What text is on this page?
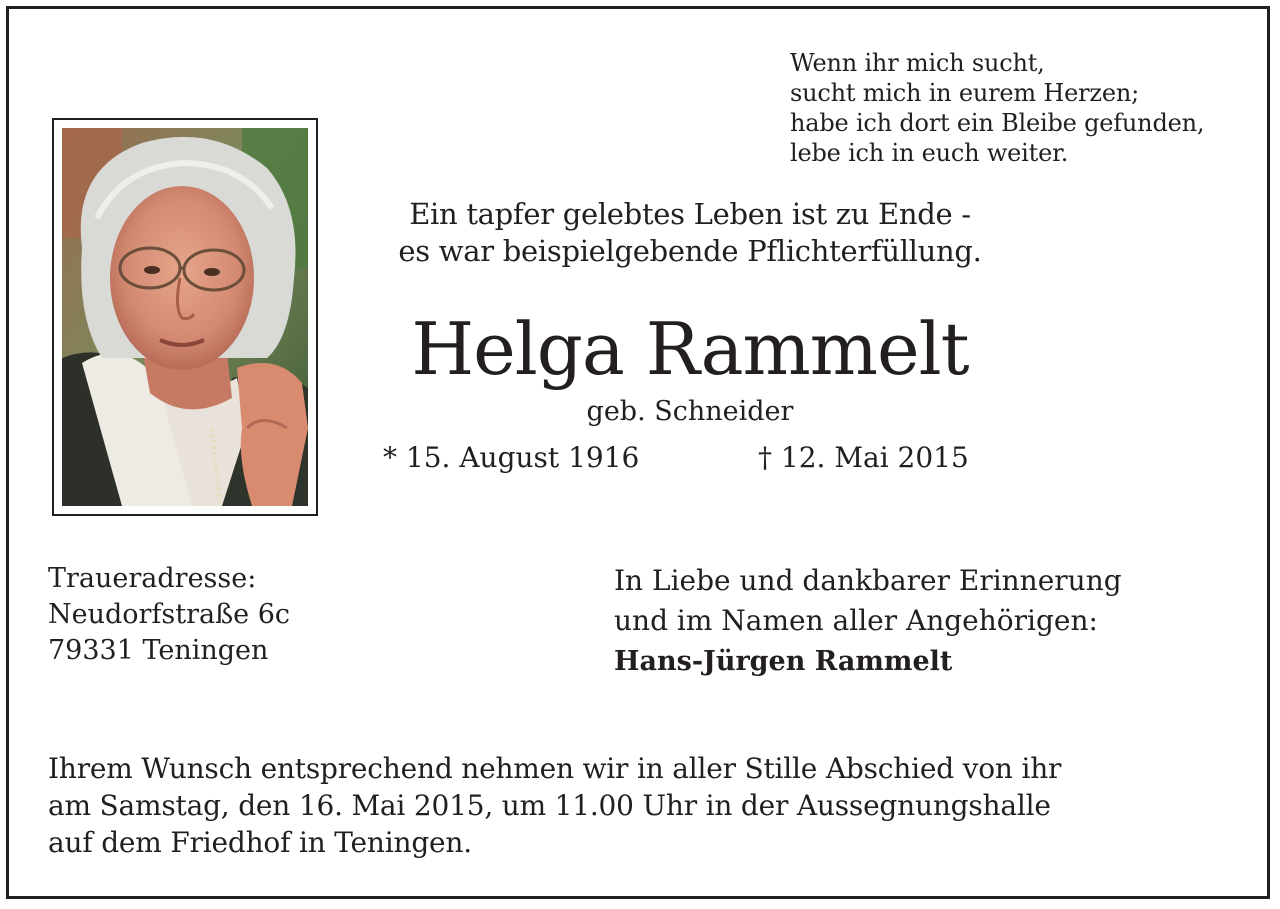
Wenn ihr mich sucht,
sucht mich in eurem Herzen;
habe ich dort ein Bleibe gefunden,
lebe ich in euch weiter.
Ein tapfer gelebtes Leben ist zu Ende -
es war beispielgebende Pflichterfüllung.
Helga Rammelt
geb. Schneider
* 15. August 1916	† 12. Mai 2015
Traueradresse:
Neudorfstraße 6c
79331 Teningen
In Liebe und dankbarer Erinnerung
und im Namen aller Angehörigen:
Hans-Jürgen Rammelt
Ihrem Wunsch entsprechend nehmen wir in aller Stille Abschied von ihr
am Samstag, den 16. Mai 2015, um 11.00 Uhr in der Aussegnungshalle
auf dem Friedhof in Teningen.
